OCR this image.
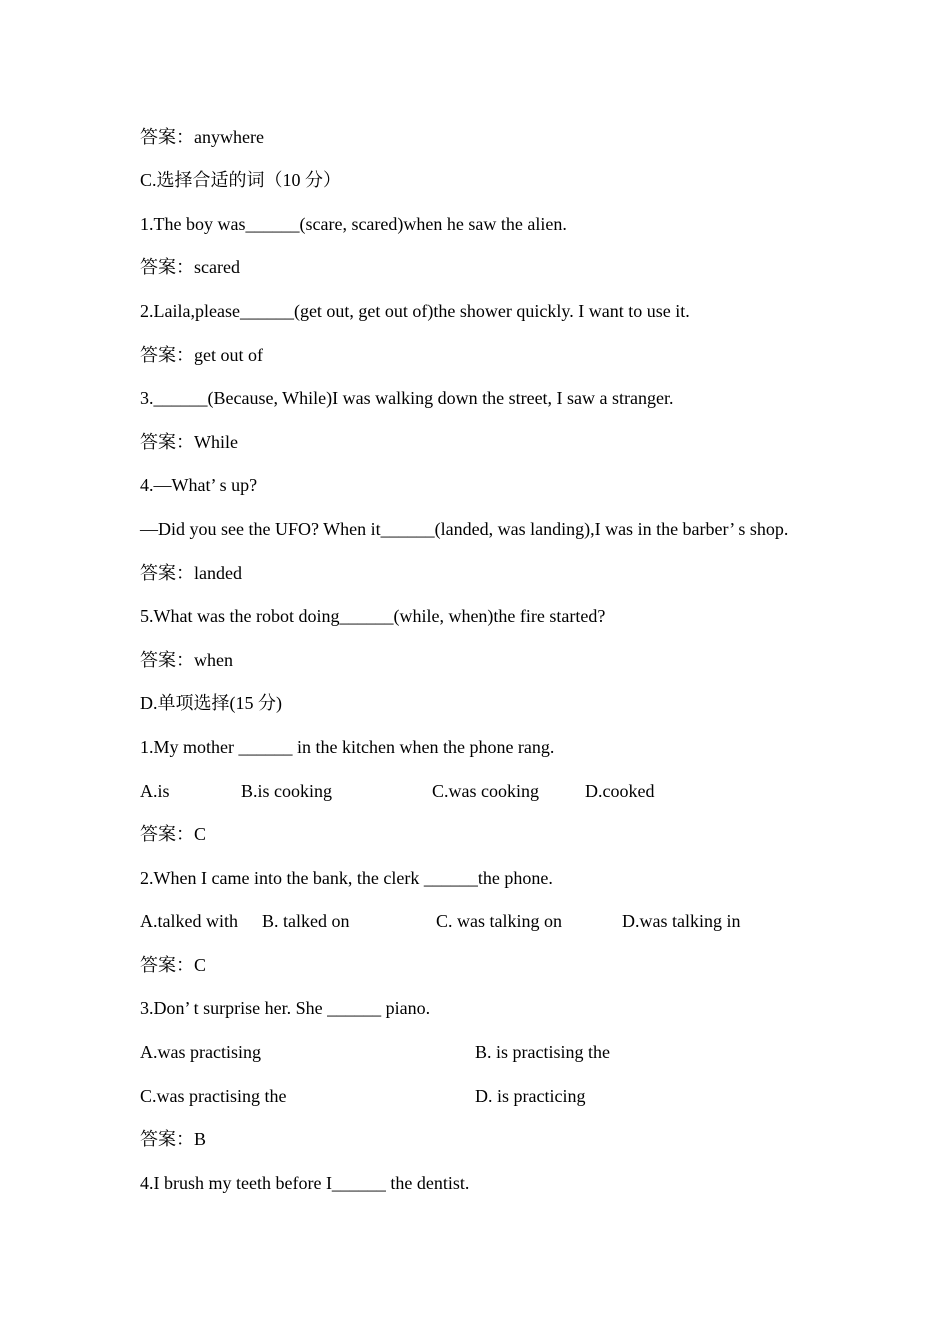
答案：anywhere
C.选择合适的词（10 分）
1.The boy was______(scare, scared)when he saw the alien.
答案：scared
2.Laila,please______(get out, get out of)the shower quickly. I want to use it.
答案：get out of
3.______(Because, While)I was walking down the street, I saw a stranger.
答案：While
4.—What’ s up?
—Did you see the UFO? When it______(landed, was landing),I was in the barber’ s shop.
答案：landed
5.What was the robot doing______(while, when)the fire started?
答案：when
D.单项选择(15 分)
1.My mother ______ in the kitchen when the phone rang.
A.is	B.is cooking	C.was cooking	D.cooked
答案：C
2.When I came into the bank, the clerk ______the phone.
A.talked with B. talked on	C. was talking on	D.was talking in
答案：C
3.Don’ t surprise her. She ______ piano.
A.was practising	B. is practising the
C.was practising the	D. is practicing
答案：B
4.I brush my teeth before I______ the dentist.
